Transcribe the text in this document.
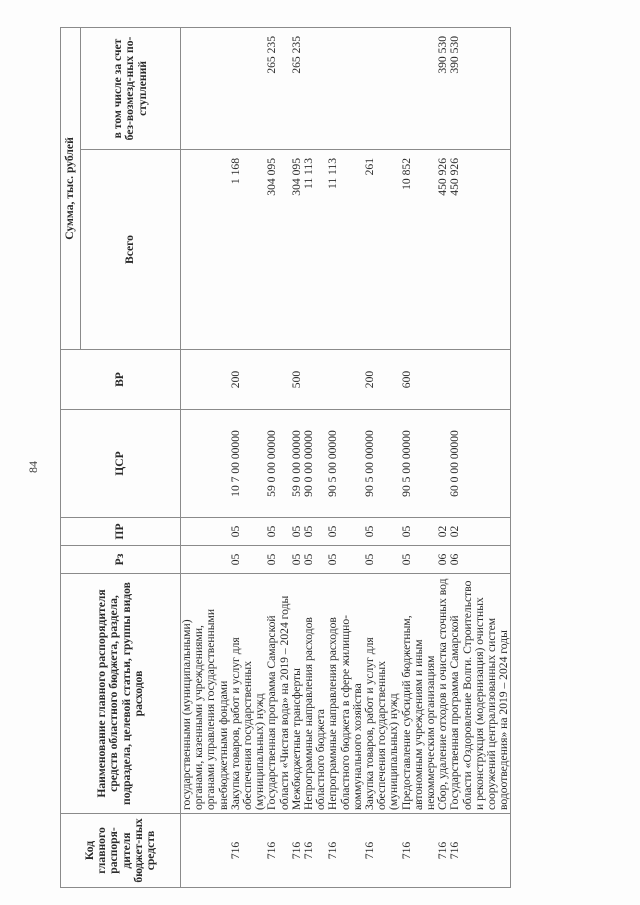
84
Код главного распоря-дителя бюджет-ных средств	Наименование главного распорядителя средств областного бюджета, раздела, подраздела, целевой статьи, группы видов расходов	Рз	ПР	ЦСР	ВР	Сумма, тыс. рублей	
						Всего	в том числе за счет без-возмезд-ных по-ступлений
	государственными (муниципальными) органами, казенными учреждениями, органами управления государственными внебюджетными фондами						
716	Закупка товаров, работ и услуг для обеспечения государственных (муниципальных) нужд	05	05	10 7 00 00000	200	1 168	
716	Государственная программа Самарской области «Чистая вода» на 2019 – 2024 годы	05	05	59 0 00 00000		304 095	265 235
716	Межбюджетные трансферты	05	05	59 0 00 00000	500	304 095	265 235
716	Непрограммные направления расходов областного бюджета	05	05	90 0 00 00000		11 113	
716	Непрограммные направления расходов областного бюджета в сфере жилищно-коммунального хозяйства	05	05	90 5 00 00000		11 113	
716	Закупка товаров, работ и услуг для обеспечения государственных (муниципальных) нужд	05	05	90 5 00 00000	200	261	
716	Предоставление субсидий бюджетным, автономным учреждениям и иным некоммерческим организациям	05	05	90 5 00 00000	600	10 852	
716	Сбор, удаление отходов и очистка сточных вод	06	02			450 926	390 530
716	Государственная программа Самарской области «Оздоровление Волги. Строительство и реконструкция (модернизация) очистных сооружений централизованных систем водоотведения» на 2019 – 2024 годы	06	02	60 0 00 00000		450 926	390 530
